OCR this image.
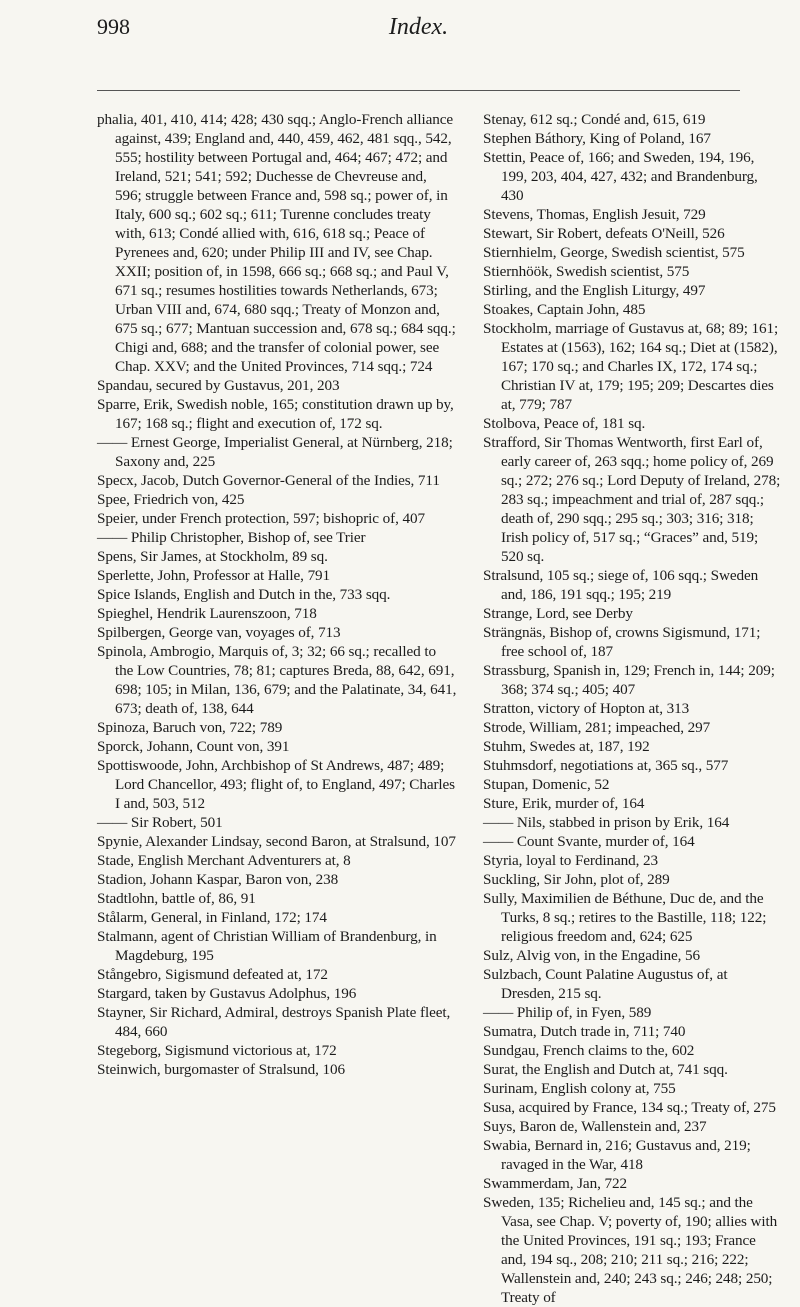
998	Index.

phalia, 401, 410, 414; 428; 430 sqq.; Anglo-French alliance against, 439; England and, 440, 459, 462, 481 sqq., 542, 555; hostility between Portugal and, 464; 467; 472; and Ireland, 521; 541; 592; Duchesse de Chevreuse and, 596; struggle between France and, 598 sq.; power of, in Italy, 600 sq.; 602 sq.; 611; Turenne concludes treaty with, 613; Condé allied with, 616, 618 sq.; Peace of Pyrenees and, 620; under Philip III and IV, see Chap. XXII; position of, in 1598, 666 sq.; 668 sq.; and Paul V, 671 sq.; resumes hostilities towards Netherlands, 673; Urban VIII and, 674, 680 sqq.; Treaty of Monzon and, 675 sq.; 677; Mantuan succession and, 678 sq.; 684 sqq.; Chigi and, 688; and the transfer of colonial power, see Chap. XXV; and the United Provinces, 714 sqq.; 724

Spandau, secured by Gustavus, 201, 203

Sparre, Erik, Swedish noble, 165; constitution drawn up by, 167; 168 sq.; flight and execution of, 172 sq.

—— Ernest George, Imperialist General, at Nürnberg, 218; Saxony and, 225

Specx, Jacob, Dutch Governor-General of the Indies, 711

Spee, Friedrich von, 425

Speier, under French protection, 597; bishopric of, 407

—— Philip Christopher, Bishop of, see Trier

Spens, Sir James, at Stockholm, 89 sq.

Sperlette, John, Professor at Halle, 791

Spice Islands, English and Dutch in the, 733 sqq.

Spieghel, Hendrik Laurenszoon, 718

Spilbergen, George van, voyages of, 713

Spinola, Ambrogio, Marquis of, 3; 32; 66 sq.; recalled to the Low Countries, 78; 81; captures Breda, 88, 642, 691, 698; 105; in Milan, 136, 679; and the Palatinate, 34, 641, 673; death of, 138, 644

Spinoza, Baruch von, 722; 789

Sporck, Johann, Count von, 391

Spottiswoode, John, Archbishop of St Andrews, 487; 489; Lord Chancellor, 493; flight of, to England, 497; Charles I and, 503, 512

—— Sir Robert, 501

Spynie, Alexander Lindsay, second Baron, at Stralsund, 107

Stade, English Merchant Adventurers at, 8

Stadion, Johann Kaspar, Baron von, 238

Stadtlohn, battle of, 86, 91

Stålarm, General, in Finland, 172; 174

Stalmann, agent of Christian William of Brandenburg, in Magdeburg, 195

Stångebro, Sigismund defeated at, 172

Stargard, taken by Gustavus Adolphus, 196

Stayner, Sir Richard, Admiral, destroys Spanish Plate fleet, 484, 660

Stegeborg, Sigismund victorious at, 172

Steinwich, burgomaster of Stralsund, 106

Stenay, 612 sq.; Condé and, 615, 619

Stephen Báthory, King of Poland, 167

Stettin, Peace of, 166; and Sweden, 194, 196, 199, 203, 404, 427, 432; and Brandenburg, 430

Stevens, Thomas, English Jesuit, 729

Stewart, Sir Robert, defeats O'Neill, 526

Stiernhielm, George, Swedish scientist, 575

Stiernhöök, Swedish scientist, 575

Stirling, and the English Liturgy, 497

Stoakes, Captain John, 485

Stockholm, marriage of Gustavus at, 68; 89; 161; Estates at (1563), 162; 164 sq.; Diet at (1582), 167; 170 sq.; and Charles IX, 172, 174 sq.; Christian IV at, 179; 195; 209; Descartes dies at, 779; 787

Stolbova, Peace of, 181 sq.

Strafford, Sir Thomas Wentworth, first Earl of, early career of, 263 sqq.; home policy of, 269 sq.; 272; 276 sq.; Lord Deputy of Ireland, 278; 283 sq.; impeachment and trial of, 287 sqq.; death of, 290 sqq.; 295 sq.; 303; 316; 318; Irish policy of, 517 sq.; “Graces” and, 519; 520 sq.

Stralsund, 105 sq.; siege of, 106 sqq.; Sweden and, 186, 191 sqq.; 195; 219

Strange, Lord, see Derby

Strängnäs, Bishop of, crowns Sigismund, 171; free school of, 187

Strassburg, Spanish in, 129; French in, 144; 209; 368; 374 sq.; 405; 407

Stratton, victory of Hopton at, 313

Strode, William, 281; impeached, 297

Stuhm, Swedes at, 187, 192

Stuhmsdorf, negotiations at, 365 sq., 577

Stupan, Domenic, 52

Sture, Erik, murder of, 164

—— Nils, stabbed in prison by Erik, 164

—— Count Svante, murder of, 164

Styria, loyal to Ferdinand, 23

Suckling, Sir John, plot of, 289

Sully, Maximilien de Béthune, Duc de, and the Turks, 8 sq.; retires to the Bastille, 118; 122; religious freedom and, 624; 625

Sulz, Alvig von, in the Engadine, 56

Sulzbach, Count Palatine Augustus of, at Dresden, 215 sq.

—— Philip of, in Fyen, 589

Sumatra, Dutch trade in, 711; 740

Sundgau, French claims to the, 602

Surat, the English and Dutch at, 741 sqq.

Surinam, English colony at, 755

Susa, acquired by France, 134 sq.; Treaty of, 275

Suys, Baron de, Wallenstein and, 237

Swabia, Bernard in, 216; Gustavus and, 219; ravaged in the War, 418

Swammerdam, Jan, 722

Sweden, 135; Richelieu and, 145 sq.; and the Vasa, see Chap. V; poverty of, 190; allies with the United Provinces, 191 sq.; 193; France and, 194 sq., 208; 210; 211 sq.; 216; 222; Wallenstein and, 240; 243 sq.; 246; 248; 250; Treaty of
